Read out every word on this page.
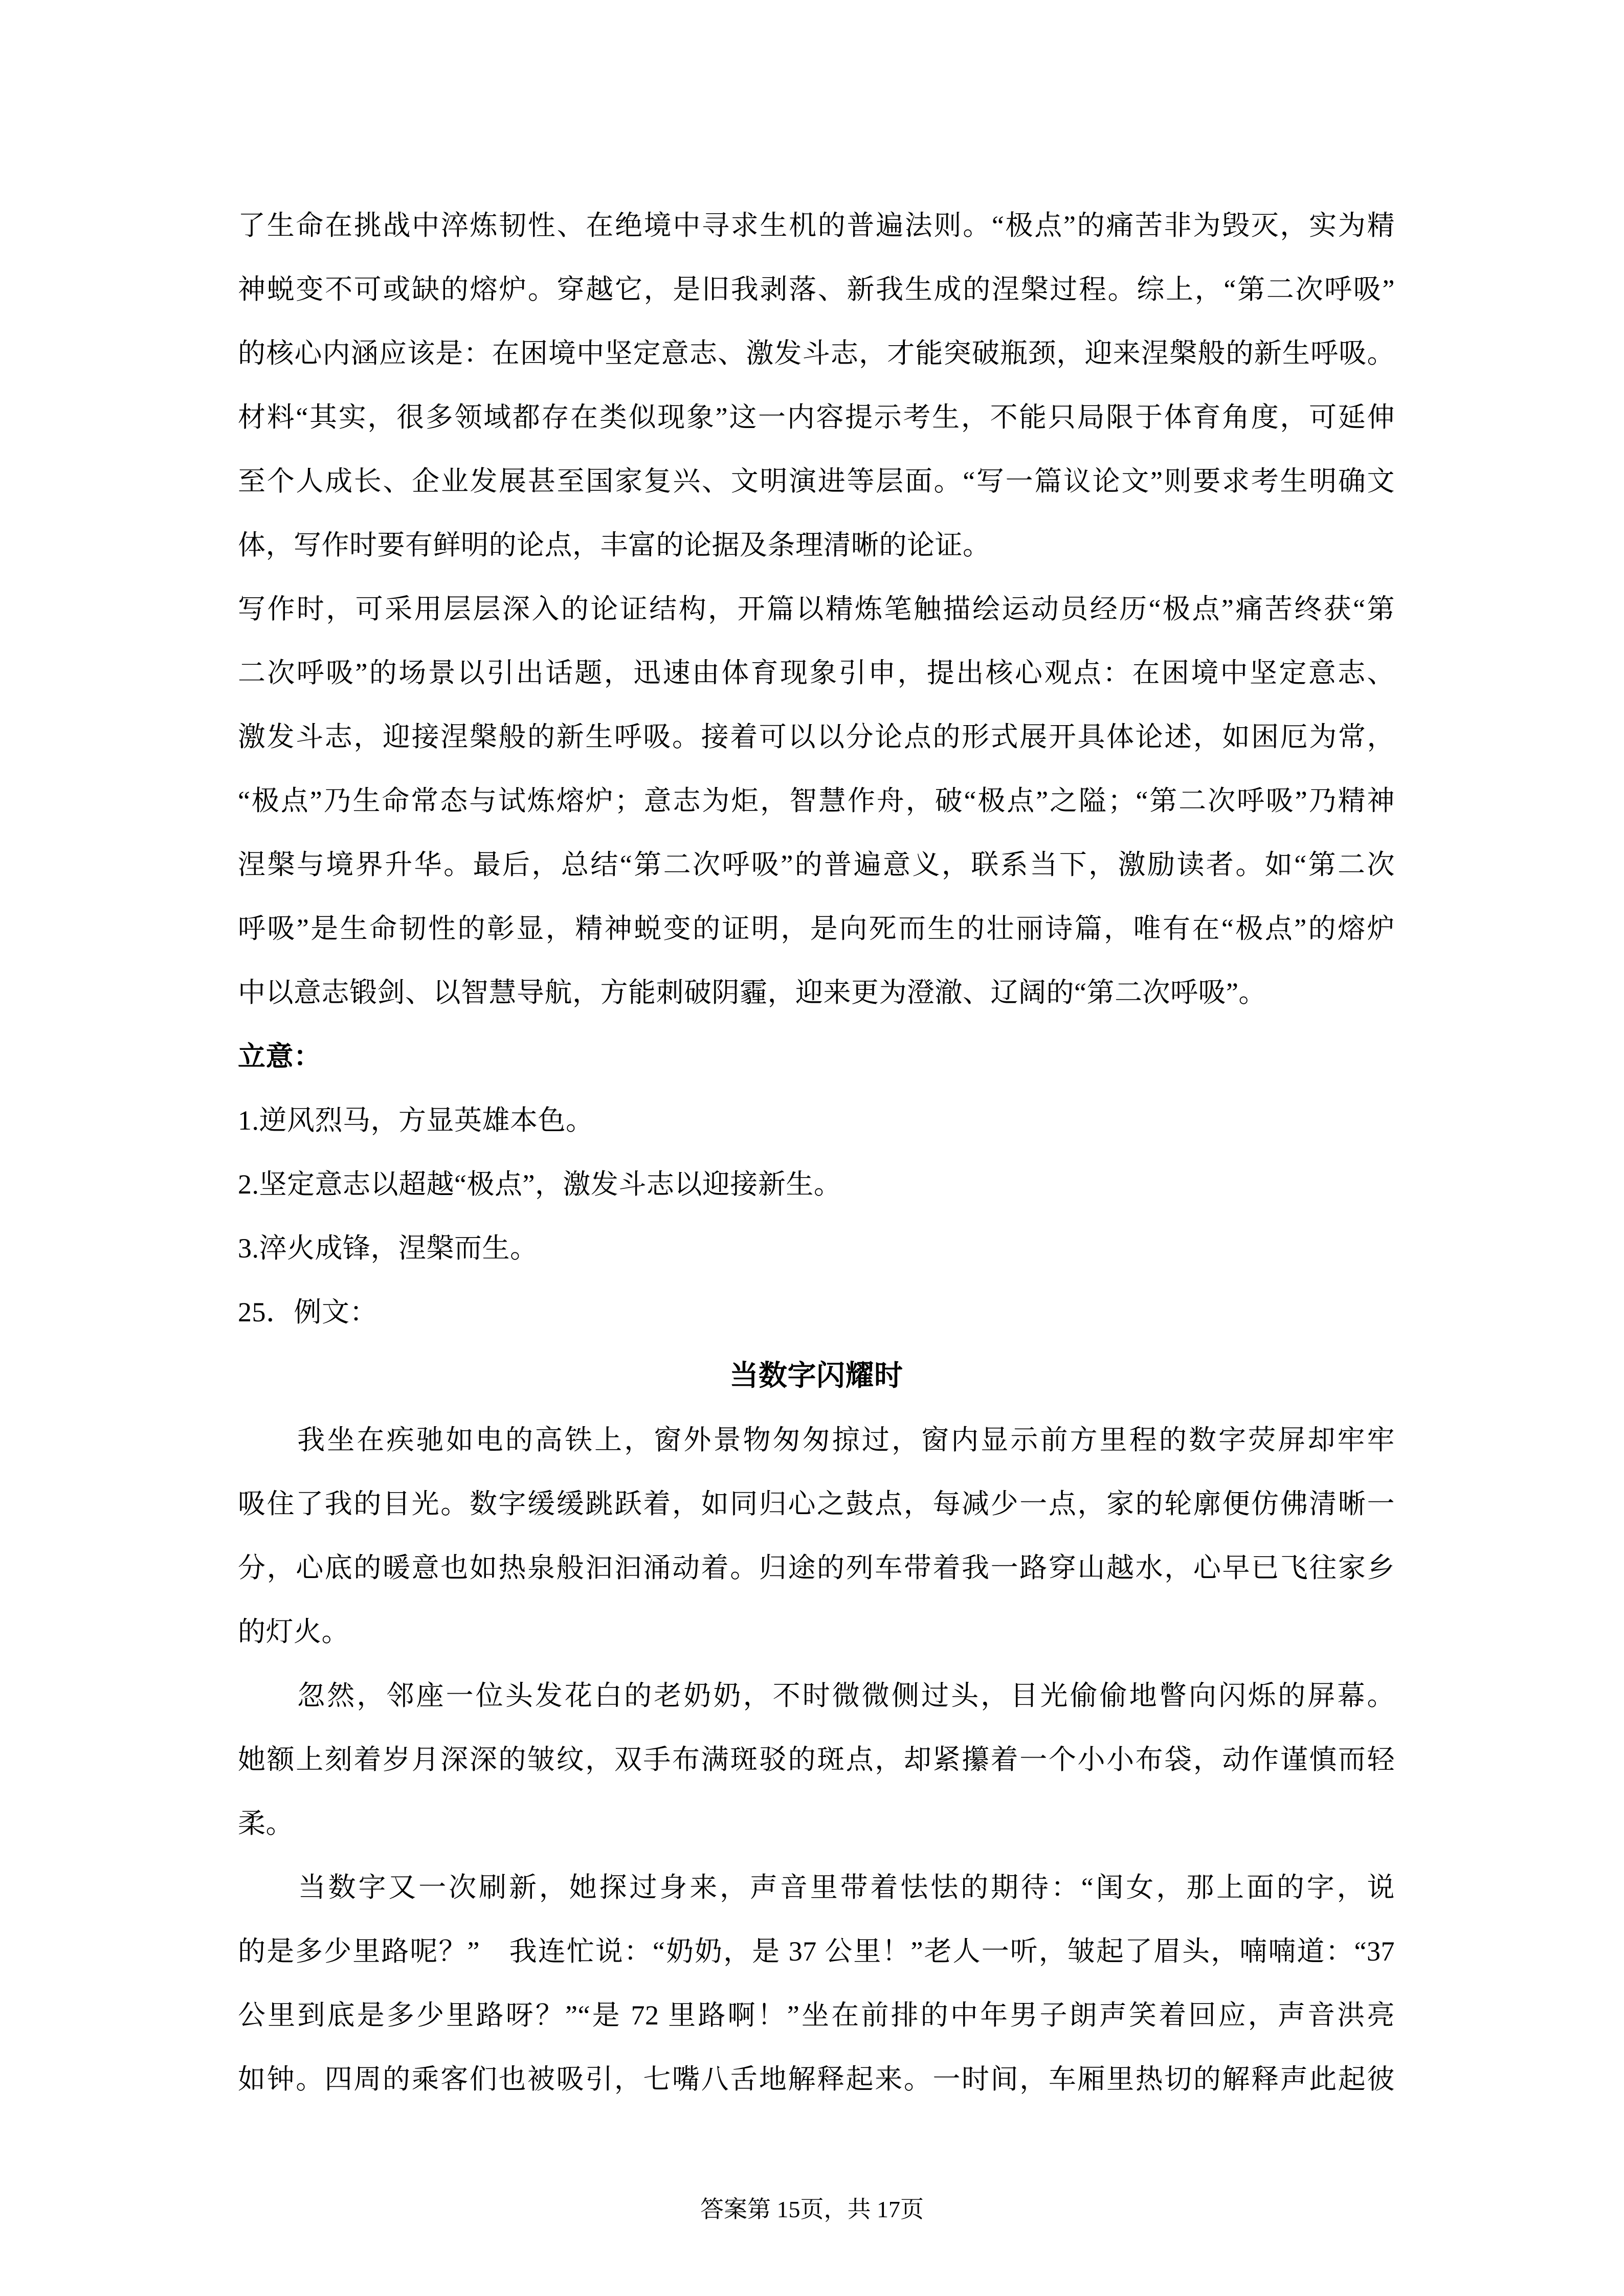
了生命在挑战中淬炼韧性、在绝境中寻求生机的普遍法则。“极点”的痛苦非为毁灭，实为精
神蜕变不可或缺的熔炉。穿越它，是旧我剥落、新我生成的涅槃过程。综上，“第二次呼吸”
的核心内涵应该是：在困境中坚定意志、激发斗志，才能突破瓶颈，迎来涅槃般的新生呼吸。
材料“其实，很多领域都存在类似现象”这一内容提示考生，不能只局限于体育角度，可延伸
至个人成长、企业发展甚至国家复兴、文明演进等层面。“写一篇议论文”则要求考生明确文
体，写作时要有鲜明的论点，丰富的论据及条理清晰的论证。
写作时，可采用层层深入的论证结构，开篇以精炼笔触描绘运动员经历“极点”痛苦终获“第
二次呼吸”的场景以引出话题，迅速由体育现象引申，提出核心观点：在困境中坚定意志、
激发斗志，迎接涅槃般的新生呼吸。接着可以以分论点的形式展开具体论述，如困厄为常，
“极点”乃生命常态与试炼熔炉；意志为炬，智慧作舟，破“极点”之隘；“第二次呼吸”乃精神
涅槃与境界升华。最后，总结“第二次呼吸”的普遍意义，联系当下，激励读者。如“第二次
呼吸”是生命韧性的彰显，精神蜕变的证明，是向死而生的壮丽诗篇，唯有在“极点”的熔炉
中以意志锻剑、以智慧导航，方能刺破阴霾，迎来更为澄澈、辽阔的“第二次呼吸”。
立意：
1.逆风烈马，方显英雄本色。
2.坚定意志以超越“极点”，激发斗志以迎接新生。
3.淬火成锋，涅槃而生。
25．例文：
当数字闪耀时
　　我坐在疾驰如电的高铁上，窗外景物匆匆掠过，窗内显示前方里程的数字荧屏却牢牢
吸住了我的目光。数字缓缓跳跃着，如同归心之鼓点，每减少一点，家的轮廓便仿佛清晰一
分，心底的暖意也如热泉般汩汩涌动着。归途的列车带着我一路穿山越水，心早已飞往家乡
的灯火。
　　忽然，邻座一位头发花白的老奶奶，不时微微侧过头，目光偷偷地瞥向闪烁的屏幕。
她额上刻着岁月深深的皱纹，双手布满斑驳的斑点，却紧攥着一个小小布袋，动作谨慎而轻
柔。
　　当数字又一次刷新，她探过身来，声音里带着怯怯的期待：“闺女，那上面的字，说
的是多少里路呢？”　我连忙说：“奶奶，是 37 公里！”老人一听，皱起了眉头，喃喃道：“37
公里到底是多少里路呀？”“是 72 里路啊！”坐在前排的中年男子朗声笑着回应，声音洪亮
如钟。四周的乘客们也被吸引，七嘴八舌地解释起来。一时间，车厢里热切的解释声此起彼
答案第 15页，共 17页
